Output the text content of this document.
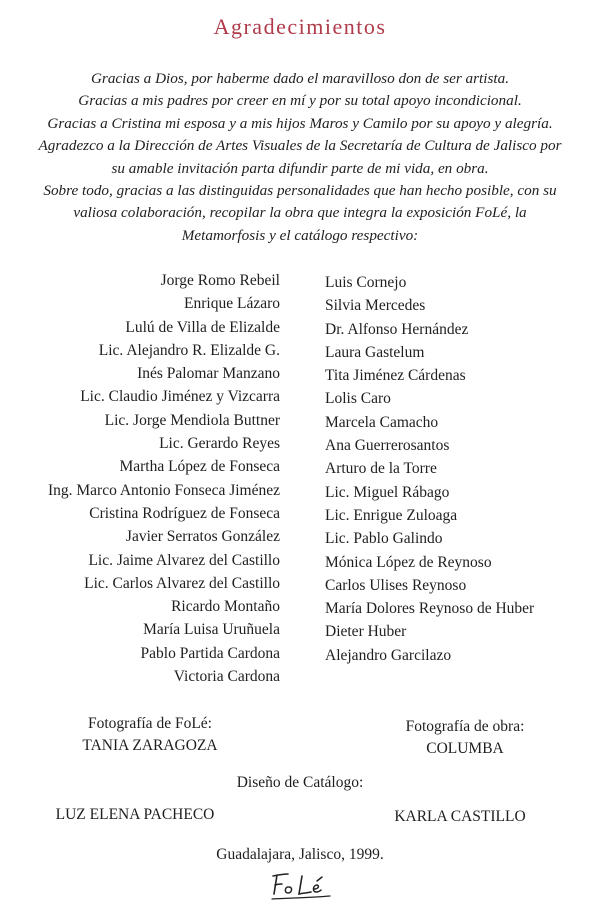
Agradecimientos

Gracias a Dios, por haberme dado el maravilloso don de ser artista.

Gracias a mis padres por creer en mí y por su total apoyo incondicional.

Gracias a Cristina mi esposa y a mis hijos Maros y Camilo por su apoyo y alegría.

Agradezco a la Dirección de Artes Visuales de la Secretaría de Cultura de Jalisco por

su amable invitación parta difundir parte de mi vida, en obra.

Sobre todo, gracias a las distinguidas personalidades que han hecho posible, con su

valiosa colaboración, recopilar la obra que integra la exposición FoLé, la

Metamorfosis y el catálogo respectivo:

Jorge Romo Rebeil
Enrique Lázaro
Lulú de Villa de Elizalde
Lic. Alejandro R. Elizalde G.
Inés Palomar Manzano
Lic. Claudio Jiménez y Vizcarra
Lic. Jorge Mendiola Buttner
Lic. Gerardo Reyes
Martha López de Fonseca
Ing. Marco Antonio Fonseca Jiménez
Cristina Rodríguez de Fonseca
Javier Serratos González
Lic. Jaime Alvarez del Castillo
Lic. Carlos Alvarez del Castillo
Ricardo Montaño
María Luisa Uruñuela
Pablo Partida Cardona
Victoria Cardona
Luis Cornejo
Silvia Mercedes
Dr. Alfonso Hernández
Laura Gastelum
Tita Jiménez Cárdenas
Lolis Caro
Marcela Camacho
Ana Guerrerosantos
Arturo de la Torre
Lic. Miguel Rábago
Lic. Enrigue Zuloaga
Lic. Pablo Galindo
Mónica López de Reynoso
Carlos Ulises Reynoso
María Dolores Reynoso de Huber
Dieter Huber
Alejandro Garcilazo
Fotografía de FoLé:
TANIA ZARAGOZA
Fotografía de obra:
COLUMBA
Diseño de Catálogo:
LUZ ELENA PACHECO	KARLA CASTILLO
Guadalajara, Jalisco, 1999.
